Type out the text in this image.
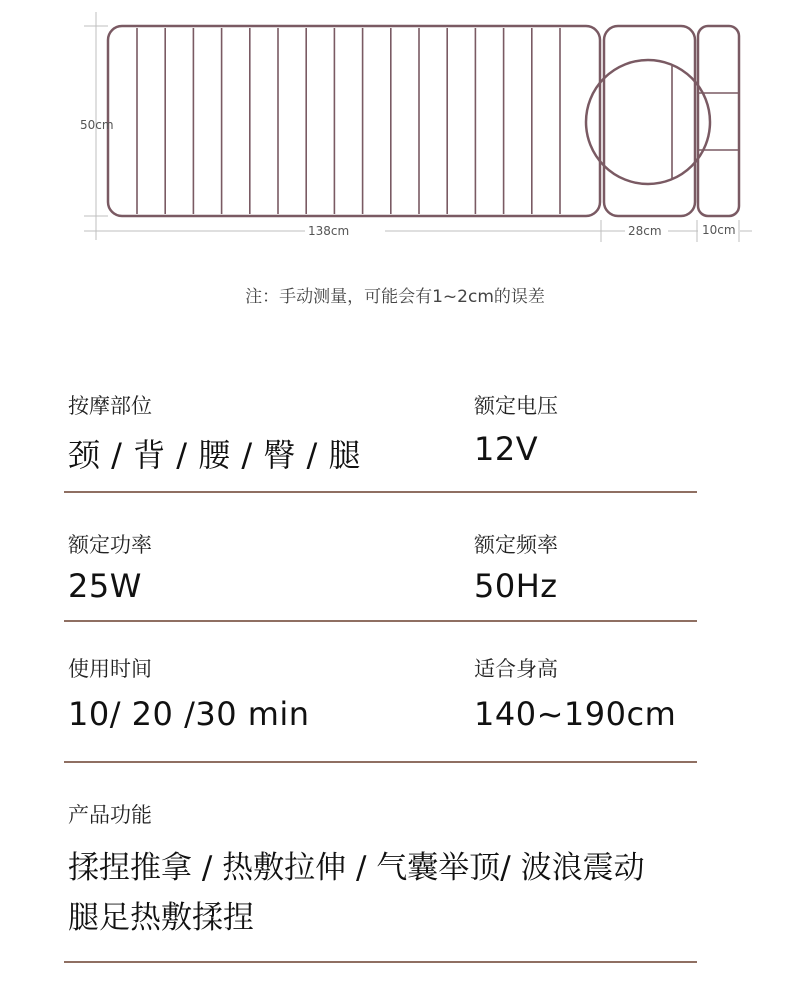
50cm
138cm	28cm	10cm
注：手动测量，可能会有1~2cm的误差
按摩部位
颈 / 背 / 腰 / 臀 / 腿
额定电压
12V
额定功率
25W
额定频率
50Hz
使用时间
10/ 20 /30 min
适合身高
140~190cm
产品功能
揉捏推拿 / 热敷拉伸 / 气囊举顶/ 波浪震动
腿足热敷揉捏
